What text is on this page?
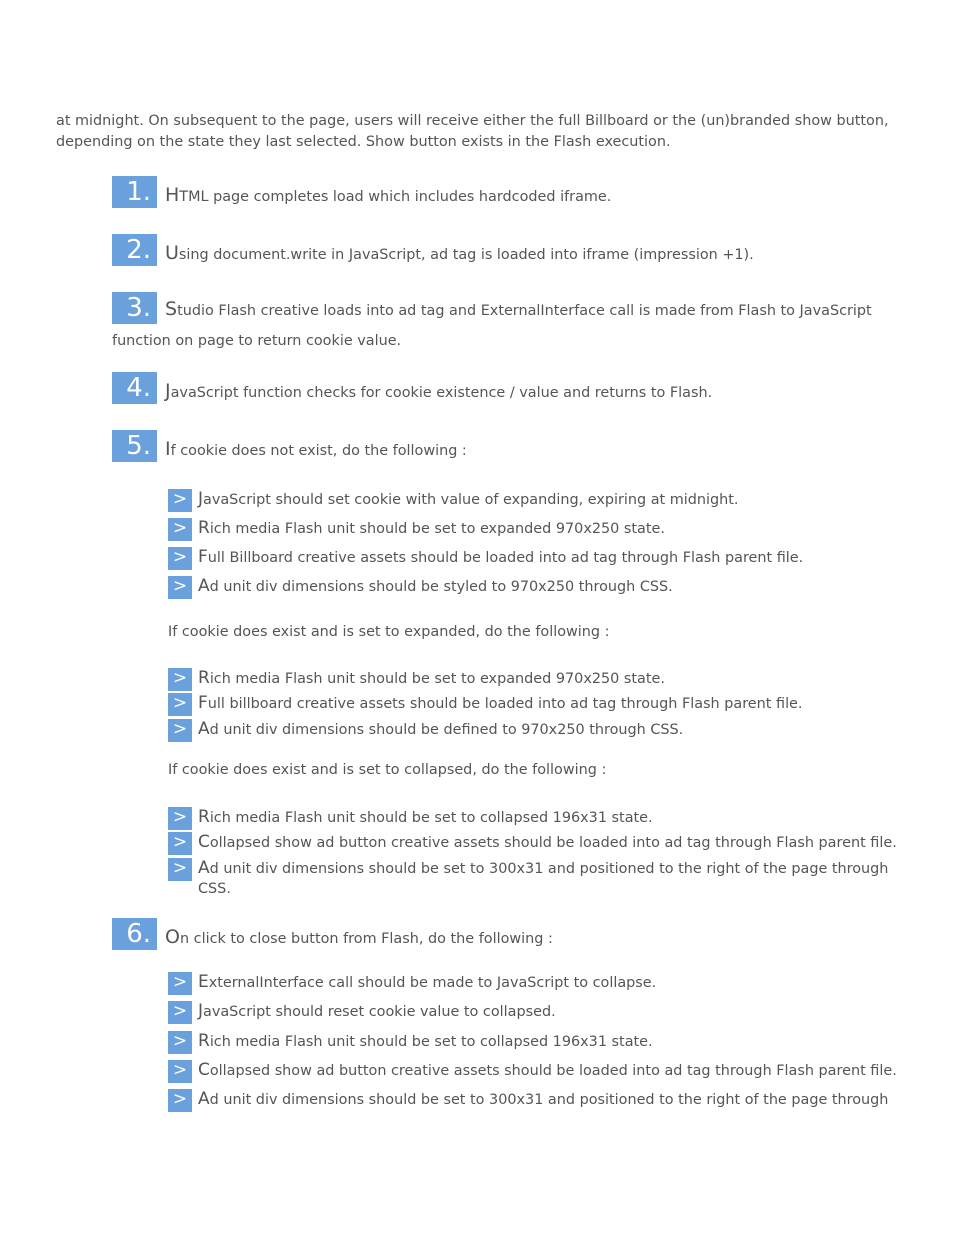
at midnight. On subsequent to the page, users will receive either the full Billboard or the (un)branded show button, depending on the state they last selected. Show button exists in the Flash execution.

1. HTML page completes load which includes hardcoded iframe.
2. Using document.write in JavaScript, ad tag is loaded into iframe (impression +1).
3. Studio Flash creative loads into ad tag and ExternalInterface call is made from Flash to JavaScript function on page to return cookie value.
4. JavaScript function checks for cookie existence / value and returns to Flash.
5. If cookie does not exist, do the following :
> JavaScript should set cookie with value of expanding, expiring at midnight.
> Rich media Flash unit should be set to expanded 970x250 state.
> Full Billboard creative assets should be loaded into ad tag through Flash parent file.
> Ad unit div dimensions should be styled to 970x250 through CSS.

If cookie does exist and is set to expanded, do the following :

> Rich media Flash unit should be set to expanded 970x250 state.
> Full billboard creative assets should be loaded into ad tag through Flash parent file.
> Ad unit div dimensions should be defined to 970x250 through CSS.

If cookie does exist and is set to collapsed, do the following :

> Rich media Flash unit should be set to collapsed 196x31 state.
> Collapsed show ad button creative assets should be loaded into ad tag through Flash parent file.
> Ad unit div dimensions should be set to 300x31 and positioned to the right of the page through CSS.
6. On click to close button from Flash, do the following :
> ExternalInterface call should be made to JavaScript to collapse.
> JavaScript should reset cookie value to collapsed.
> Rich media Flash unit should be set to collapsed 196x31 state.
> Collapsed show ad button creative assets should be loaded into ad tag through Flash parent file.
> Ad unit div dimensions should be set to 300x31 and positioned to the right of the page through
